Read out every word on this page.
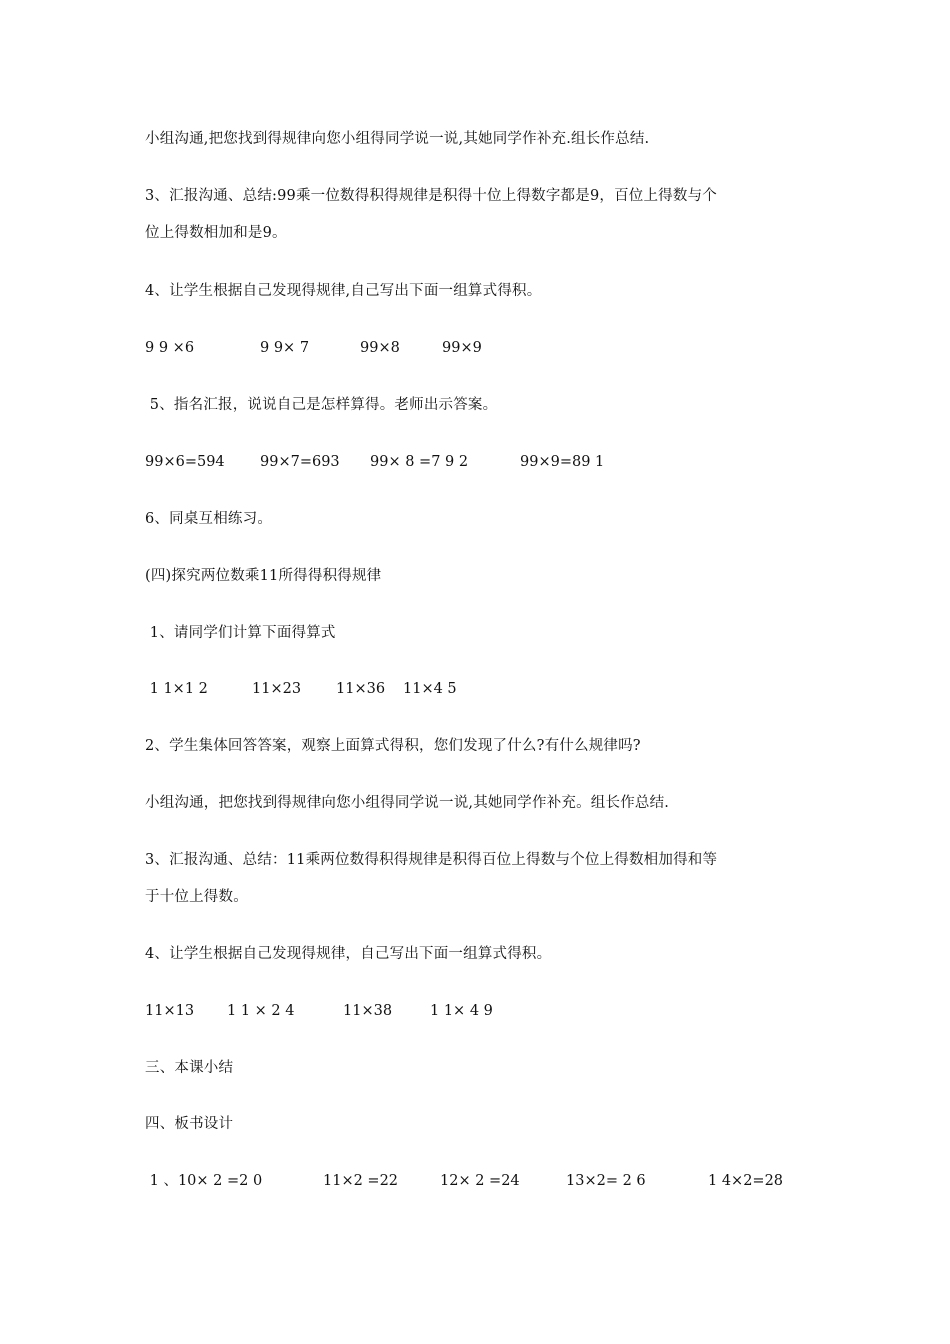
小组沟通,把您找到得规律向您小组得同学说一说,其她同学作补充.组长作总结.
3、汇报沟通、总结:99乘一位数得积得规律是积得十位上得数字都是9，百位上得数与个
位上得数相加和是9。
4、让学生根据自己发现得规律,自己写出下面一组算式得积。

9 9 ×6

	9 9× 7

	99×8

	99×9

5、指名汇报，说说自己是怎样算得。老师出示答案。

99×6=594

99×7=693

99× 8 =7 9 2

	99×9=89 1

6、同桌互相练习。
(四)探究两位数乘11所得得积得规律
1、请同学们计算下面得算式

1 1×1 2

	11×23

11×36

11×4 5

2、学生集体回答答案，观察上面算式得积，您们发现了什么?有什么规律吗?
小组沟通，把您找到得规律向您小组得同学说一说,其她同学作补充。组长作总结.
3、汇报沟通、总结：11乘两位数得积得规律是积得百位上得数与个位上得数相加得和等
于十位上得数。
4、让学生根据自己发现得规律，自己写出下面一组算式得积。

11×13

1 1 × 2 4

	11×38

	1 1× 4 9

三、本课小结
四、板书设计

1 、10× 2 =2 0

	11×2 =22

	12× 2 =24

	13×2= 2 6

	1 4×2=28
